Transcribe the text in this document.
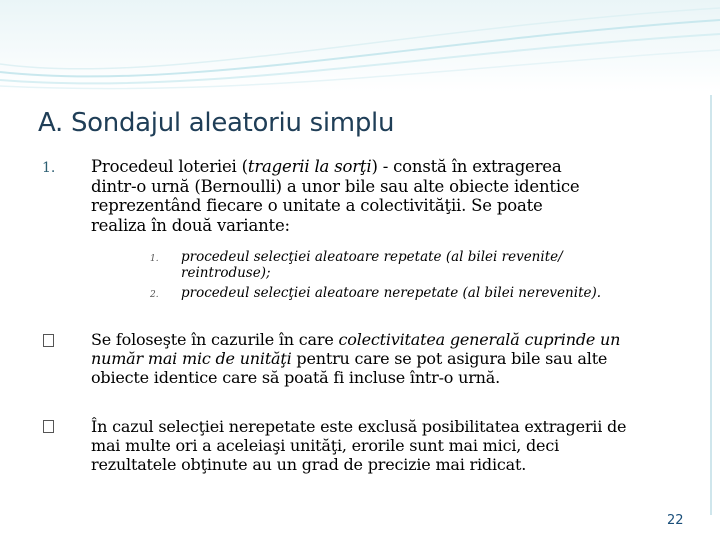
A. Sondajul aleatoriu simplu
1. Procedeul loteriei (tragerii la sorţi) - constă în extragerea
dintr-o urnă (Bernoulli) a unor bile sau alte obiecte identice
reprezentând fiecare o unitate a colectivităţii. Se poate
realiza în două variante:
1. procedeul selecţiei aleatoare repetate (al bilei revenite/
reintroduse);
2. procedeul selecţiei aleatoare nerepetate (al bilei nerevenite).
Se foloseşte în cazurile în care colectivitatea generală cuprinde un
număr mai mic de unităţi pentru care se pot asigura bile sau alte
obiecte identice care să poată fi incluse într-o urnă.
În cazul selecţiei nerepetate este exclusă posibilitatea extragerii de
mai multe ori a aceleiaşi unităţi, erorile sunt mai mici, deci
rezultatele obţinute au un grad de precizie mai ridicat.
22
